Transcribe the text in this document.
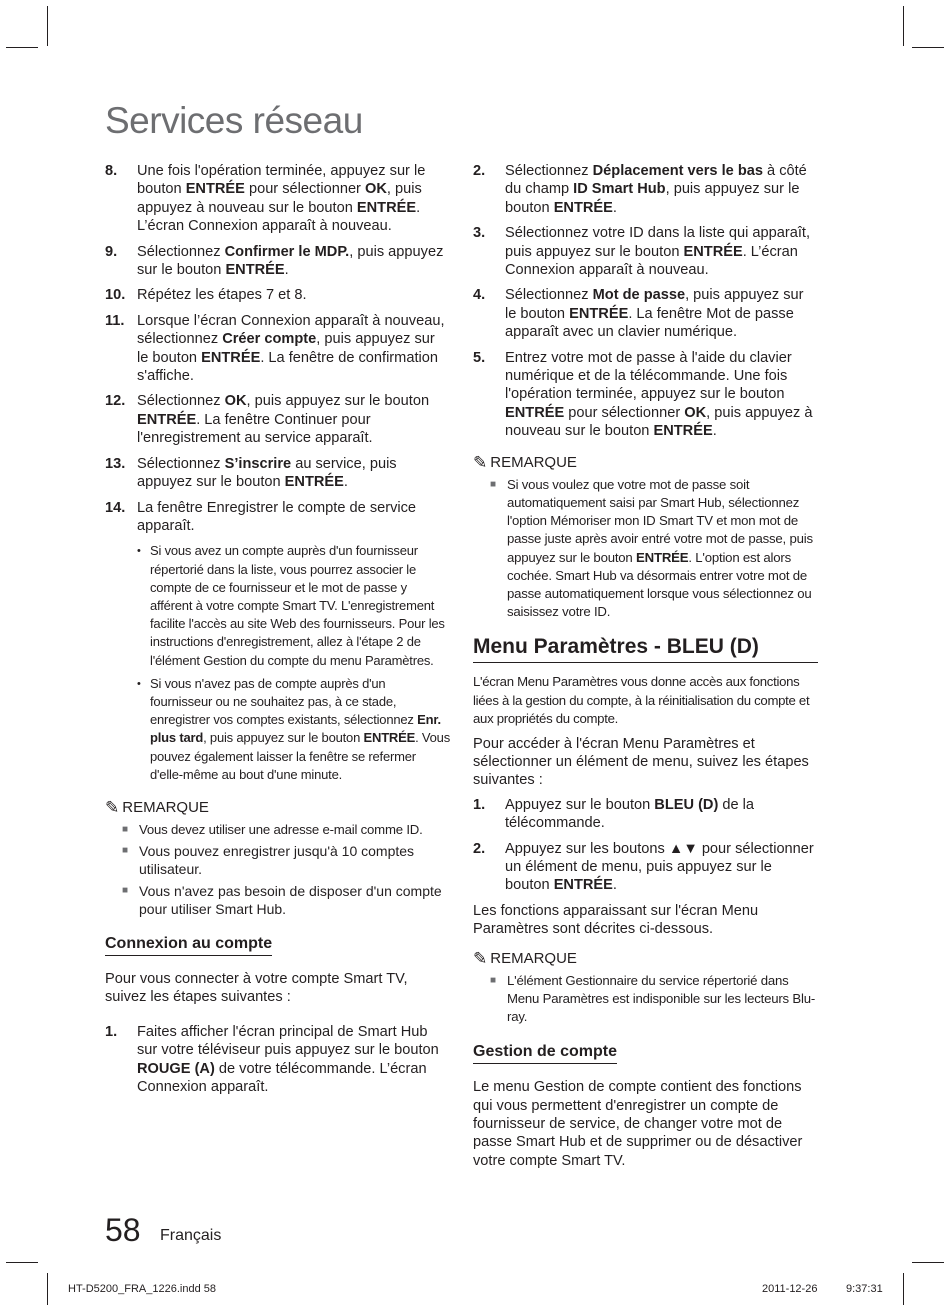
Services réseau
8.	Une fois l'opération terminée, appuyez sur le bouton ENTRÉE pour sélectionner OK, puis appuyez à nouveau sur le bouton ENTRÉE. L’écran Connexion apparaît à nouveau.
9.	Sélectionnez Confirmer le MDP., puis appuyez sur le bouton ENTRÉE.
10. Répétez les étapes 7 et 8.
11. Lorsque l’écran Connexion apparaît à nouveau, sélectionnez Créer compte, puis appuyez sur le bouton ENTRÉE. La fenêtre de confirmation s'affiche.
12. Sélectionnez OK, puis appuyez sur le bouton ENTRÉE. La fenêtre Continuer pour l'enregistrement au service apparaît.
13. Sélectionnez S’inscrire au service, puis appuyez sur le bouton ENTRÉE.
14. La fenêtre Enregistrer le compte de service apparaît.
• Si vous avez un compte auprès d'un fournisseur répertorié dans la liste, vous pourrez associer le compte de ce fournisseur et le mot de passe y afférent à votre compte Smart TV. L'enregistrement facilite l'accès au site Web des fournisseurs. Pour les instructions d'enregistrement, allez à l'étape 2 de l'élément Gestion du compte du menu Paramètres.
• Si vous n'avez pas de compte auprès d'un fournisseur ou ne souhaitez pas, à ce stade, enregistrer vos comptes existants, sélectionnez Enr. plus tard, puis appuyez sur le bouton ENTRÉE. Vous pouvez également laisser la fenêtre se refermer d'elle-même au bout d'une minute.
✎ REMARQUE
■ Vous devez utiliser une adresse e-mail comme ID.
■ Vous pouvez enregistrer jusqu'à 10 comptes utilisateur.
■ Vous n'avez pas besoin de disposer d'un compte pour utiliser Smart Hub.
Connexion au compte
Pour vous connecter à votre compte Smart TV, suivez les étapes suivantes :
1.	Faites afficher l'écran principal de Smart Hub sur votre téléviseur puis appuyez sur le bouton ROUGE (A) de votre télécommande. L’écran Connexion apparaît.
2.	Sélectionnez Déplacement vers le bas à côté du champ ID Smart Hub, puis appuyez sur le bouton ENTRÉE.
3.	Sélectionnez votre ID dans la liste qui apparaît, puis appuyez sur le bouton ENTRÉE. L’écran Connexion apparaît à nouveau.
4.	Sélectionnez Mot de passe, puis appuyez sur le bouton ENTRÉE. La fenêtre Mot de passe apparaît avec un clavier numérique.
5.	Entrez votre mot de passe à l'aide du clavier numérique et de la télécommande. Une fois l'opération terminée, appuyez sur le bouton ENTRÉE pour sélectionner OK, puis appuyez à nouveau sur le bouton ENTRÉE.
✎ REMARQUE
■ Si vous voulez que votre mot de passe soit automatiquement saisi par Smart Hub, sélectionnez l'option Mémoriser mon ID Smart TV et mon mot de passe juste après avoir entré votre mot de passe, puis appuyez sur le bouton ENTRÉE. L'option est alors cochée. Smart Hub va désormais entrer votre mot de passe automatiquement lorsque vous sélectionnez ou saisissez votre ID.
Menu Paramètres - BLEU (D)
L'écran Menu Paramètres vous donne accès aux fonctions liées à la gestion du compte, à la réinitialisation du compte et aux propriétés du compte.
Pour accéder à l'écran Menu Paramètres et sélectionner un élément de menu, suivez les étapes suivantes :
1.	Appuyez sur le bouton BLEU (D) de la télécommande.
2.	Appuyez sur les boutons ▲▼ pour sélectionner un élément de menu, puis appuyez sur le bouton ENTRÉE.
Les fonctions apparaissant sur l'écran Menu Paramètres sont décrites ci-dessous.
✎ REMARQUE
■ L'élément Gestionnaire du service répertorié dans Menu Paramètres est indisponible sur les lecteurs Blu-ray.
Gestion de compte
Le menu Gestion de compte contient des fonctions qui vous permettent d'enregistrer un compte de fournisseur de service, de changer votre mot de passe Smart Hub et de supprimer ou de désactiver votre compte Smart TV.
58 Français
HT-D5200_FRA_1226.indd 58	2011-12-26	9:37:31
